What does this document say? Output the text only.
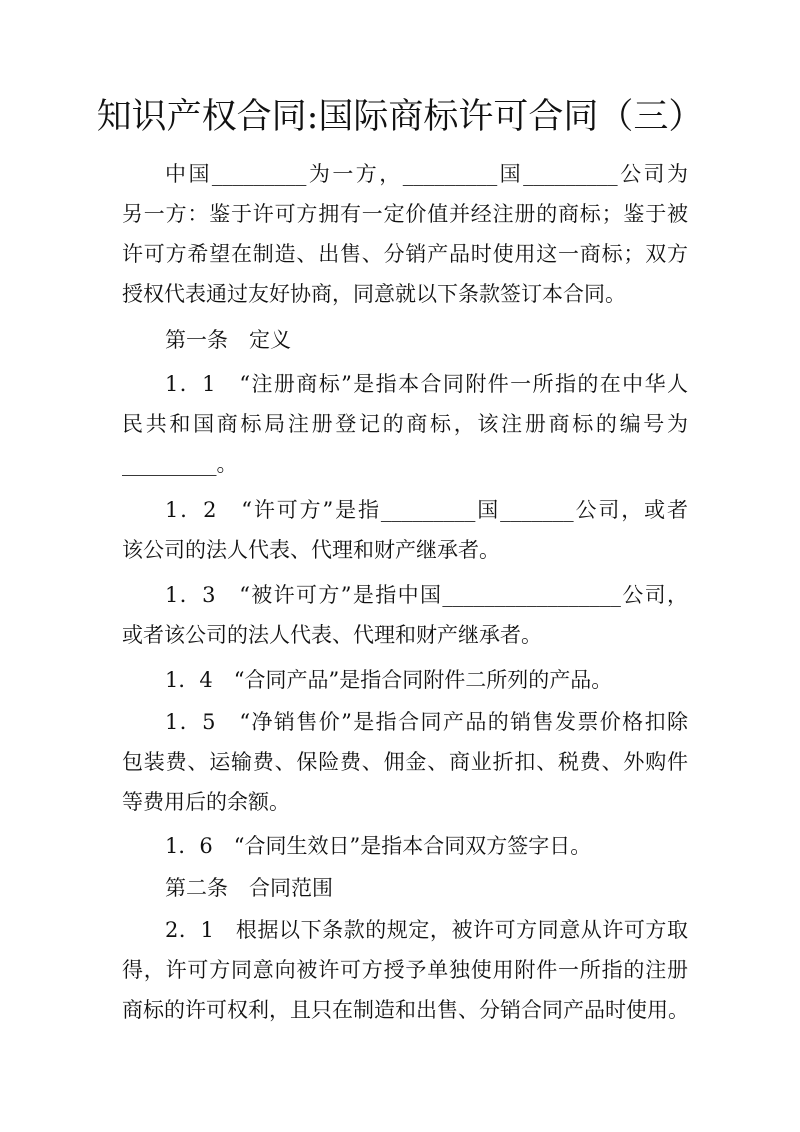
知识产权合同:国际商标许可合同（三）
中国_________为一方，_________国_________公司为
另一方：鉴于许可方拥有一定价值并经注册的商标；鉴于被
许可方希望在制造、出售、分销产品时使用这一商标；双方
授权代表通过友好协商，同意就以下条款签订本合同。
第一条　定义
1．1　“注册商标”是指本合同附件一所指的在中华人
民共和国商标局注册登记的商标，该注册商标的编号为
_________。
1．2　“许可方”是指_________国_______公司，或者
该公司的法人代表、代理和财产继承者。
1．3　“被许可方”是指中国_________________公司，
或者该公司的法人代表、代理和财产继承者。
1．4　“合同产品”是指合同附件二所列的产品。
1．5　“净销售价”是指合同产品的销售发票价格扣除
包装费、运输费、保险费、佣金、商业折扣、税费、外购件
等费用后的余额。
1．6　“合同生效日”是指本合同双方签字日。
第二条　合同范围
2．1　根据以下条款的规定，被许可方同意从许可方取
得，许可方同意向被许可方授予单独使用附件一所指的注册
商标的许可权利，且只在制造和出售、分销合同产品时使用。
